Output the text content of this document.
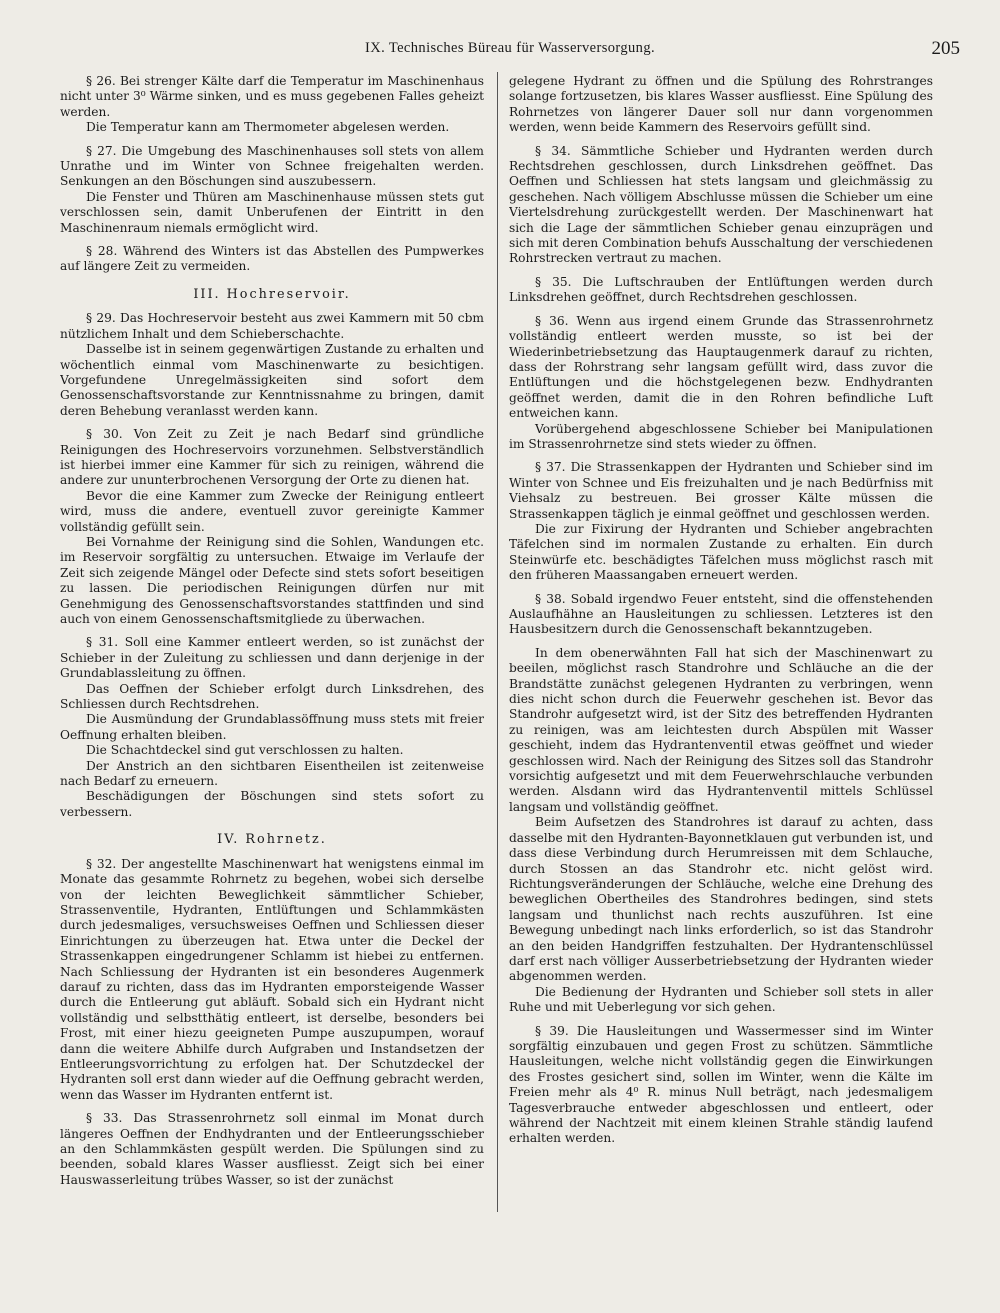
IX. Technisches Büreau für Wasserversorgung.	205
§ 26. Bei strenger Kälte darf die Temperatur im Maschinenhaus nicht unter 3⁰ Wärme sinken, und es muss gegebenen Falles geheizt werden.
Die Temperatur kann am Thermometer abgelesen werden.
§ 27. Die Umgebung des Maschinenhauses soll stets von allem Unrathe und im Winter von Schnee freigehalten werden. Senkungen an den Böschungen sind auszubessern.
Die Fenster und Thüren am Maschinenhause müssen stets gut verschlossen sein, damit Unberufenen der Eintritt in den Maschinenraum niemals ermöglicht wird.
§ 28. Während des Winters ist das Abstellen des Pumpwerkes auf längere Zeit zu vermeiden.
III. Hochreservoir.
§ 29. Das Hochreservoir besteht aus zwei Kammern mit 50 cbm nützlichem Inhalt und dem Schieberschachte.
Dasselbe ist in seinem gegenwärtigen Zustande zu erhalten und wöchentlich einmal vom Maschinenwarte zu besichtigen. Vorgefundene Unregelmässigkeiten sind sofort dem Genossenschaftsvorstande zur Kenntnissnahme zu bringen, damit deren Behebung veranlasst werden kann.
§ 30. Von Zeit zu Zeit je nach Bedarf sind gründliche Reinigungen des Hochreservoirs vorzunehmen. Selbstverständlich ist hierbei immer eine Kammer für sich zu reinigen, während die andere zur ununterbrochenen Versorgung der Orte zu dienen hat.
Bevor die eine Kammer zum Zwecke der Reinigung entleert wird, muss die andere, eventuell zuvor gereinigte Kammer vollständig gefüllt sein.
Bei Vornahme der Reinigung sind die Sohlen, Wandungen etc. im Reservoir sorgfältig zu untersuchen. Etwaige im Verlaufe der Zeit sich zeigende Mängel oder Defecte sind stets sofort beseitigen zu lassen. Die periodischen Reinigungen dürfen nur mit Genehmigung des Genossenschaftsvorstandes stattfinden und sind auch von einem Genossenschaftsmitgliede zu überwachen.
§ 31. Soll eine Kammer entleert werden, so ist zunächst der Schieber in der Zuleitung zu schliessen und dann derjenige in der Grundablassleitung zu öffnen.
Das Oeffnen der Schieber erfolgt durch Linksdrehen, des Schliessen durch Rechtsdrehen.
Die Ausmündung der Grundablassöffnung muss stets mit freier Oeffnung erhalten bleiben.
Die Schachtdeckel sind gut verschlossen zu halten.
Der Anstrich an den sichtbaren Eisentheilen ist zeitenweise nach Bedarf zu erneuern.
Beschädigungen der Böschungen sind stets sofort zu verbessern.
IV. Rohrnetz.
§ 32. Der angestellte Maschinenwart hat wenigstens einmal im Monate das gesammte Rohrnetz zu begehen, wobei sich derselbe von der leichten Beweglichkeit sämmtlicher Schieber, Strassenventile, Hydranten, Entlüftungen und Schlammkästen durch jedesmaliges, versuchsweises Oeffnen und Schliessen dieser Einrichtungen zu überzeugen hat. Etwa unter die Deckel der Strassenkappen eingedrungener Schlamm ist hiebei zu entfernen. Nach Schliessung der Hydranten ist ein besonderes Augenmerk darauf zu richten, dass das im Hydranten emporsteigende Wasser durch die Entleerung gut abläuft. Sobald sich ein Hydrant nicht vollständig und selbstthätig entleert, ist derselbe, besonders bei Frost, mit einer hiezu geeigneten Pumpe auszupumpen, worauf dann die weitere Abhilfe durch Aufgraben und Instandsetzen der Entleerungsvorrichtung zu erfolgen hat. Der Schutzdeckel der Hydranten soll erst dann wieder auf die Oeffnung gebracht werden, wenn das Wasser im Hydranten entfernt ist.
§ 33. Das Strassenrohrnetz soll einmal im Monat durch längeres Oeffnen der Endhydranten und der Entleerungsschieber an den Schlammkästen gespült werden. Die Spülungen sind zu beenden, sobald klares Wasser ausfliesst. Zeigt sich bei einer Hauswasserleitung trübes Wasser, so ist der zunächst
gelegene Hydrant zu öffnen und die Spülung des Rohrstranges solange fortzusetzen, bis klares Wasser ausfliesst. Eine Spülung des Rohrnetzes von längerer Dauer soll nur dann vorgenommen werden, wenn beide Kammern des Reservoirs gefüllt sind.
§ 34. Sämmtliche Schieber und Hydranten werden durch Rechtsdrehen geschlossen, durch Linksdrehen geöffnet. Das Oeffnen und Schliessen hat stets langsam und gleichmässig zu geschehen. Nach völligem Abschlusse müssen die Schieber um eine Viertelsdrehung zurückgestellt werden. Der Maschinenwart hat sich die Lage der sämmtlichen Schieber genau einzuprägen und sich mit deren Combination behufs Ausschaltung der verschiedenen Rohrstrecken vertraut zu machen.
§ 35. Die Luftschrauben der Entlüftungen werden durch Linksdrehen geöffnet, durch Rechtsdrehen geschlossen.
§ 36. Wenn aus irgend einem Grunde das Strassenrohrnetz vollständig entleert werden musste, so ist bei der Wiederinbetriebsetzung das Hauptaugenmerk darauf zu richten, dass der Rohrstrang sehr langsam gefüllt wird, dass zuvor die Entlüftungen und die höchstgelegenen bezw. Endhydranten geöffnet werden, damit die in den Rohren befindliche Luft entweichen kann.
Vorübergehend abgeschlossene Schieber bei Manipulationen im Strassenrohrnetze sind stets wieder zu öffnen.
§ 37. Die Strassenkappen der Hydranten und Schieber sind im Winter von Schnee und Eis freizuhalten und je nach Bedürfniss mit Viehsalz zu bestreuen. Bei grosser Kälte müssen die Strassenkappen täglich je einmal geöffnet und geschlossen werden.
Die zur Fixirung der Hydranten und Schieber angebrachten Täfelchen sind im normalen Zustande zu erhalten. Ein durch Steinwürfe etc. beschädigtes Täfelchen muss möglichst rasch mit den früheren Maassangaben erneuert werden.
§ 38. Sobald irgendwo Feuer entsteht, sind die offenstehenden Auslaufhähne an Hausleitungen zu schliessen. Letzteres ist den Hausbesitzern durch die Genossenschaft bekanntzugeben.
In dem obenerwähnten Fall hat sich der Maschinenwart zu beeilen, möglichst rasch Standrohre und Schläuche an die der Brandstätte zunächst gelegenen Hydranten zu verbringen, wenn dies nicht schon durch die Feuerwehr geschehen ist. Bevor das Standrohr aufgesetzt wird, ist der Sitz des betreffenden Hydranten zu reinigen, was am leichtesten durch Abspülen mit Wasser geschieht, indem das Hydrantenventil etwas geöffnet und wieder geschlossen wird. Nach der Reinigung des Sitzes soll das Standrohr vorsichtig aufgesetzt und mit dem Feuerwehrschlauche verbunden werden. Alsdann wird das Hydrantenventil mittels Schlüssel langsam und vollständig geöffnet.
Beim Aufsetzen des Standrohres ist darauf zu achten, dass dasselbe mit den Hydranten-Bayonnetklauen gut verbunden ist, und dass diese Verbindung durch Herumreissen mit dem Schlauche, durch Stossen an das Standrohr etc. nicht gelöst wird. Richtungsveränderungen der Schläuche, welche eine Drehung des beweglichen Obertheiles des Standrohres bedingen, sind stets langsam und thunlichst nach rechts auszuführen. Ist eine Bewegung unbedingt nach links erforderlich, so ist das Standrohr an den beiden Handgriffen festzuhalten. Der Hydrantenschlüssel darf erst nach völliger Ausserbetriebsetzung der Hydranten wieder abgenommen werden.
Die Bedienung der Hydranten und Schieber soll stets in aller Ruhe und mit Ueberlegung vor sich gehen.
§ 39. Die Hausleitungen und Wassermesser sind im Winter sorgfältig einzubauen und gegen Frost zu schützen. Sämmtliche Hausleitungen, welche nicht vollständig gegen die Einwirkungen des Frostes gesichert sind, sollen im Winter, wenn die Kälte im Freien mehr als 4⁰ R. minus Null beträgt, nach jedesmaligem Tagesverbrauche entweder abgeschlossen und entleert, oder während der Nachtzeit mit einem kleinen Strahle ständig laufend erhalten werden.
